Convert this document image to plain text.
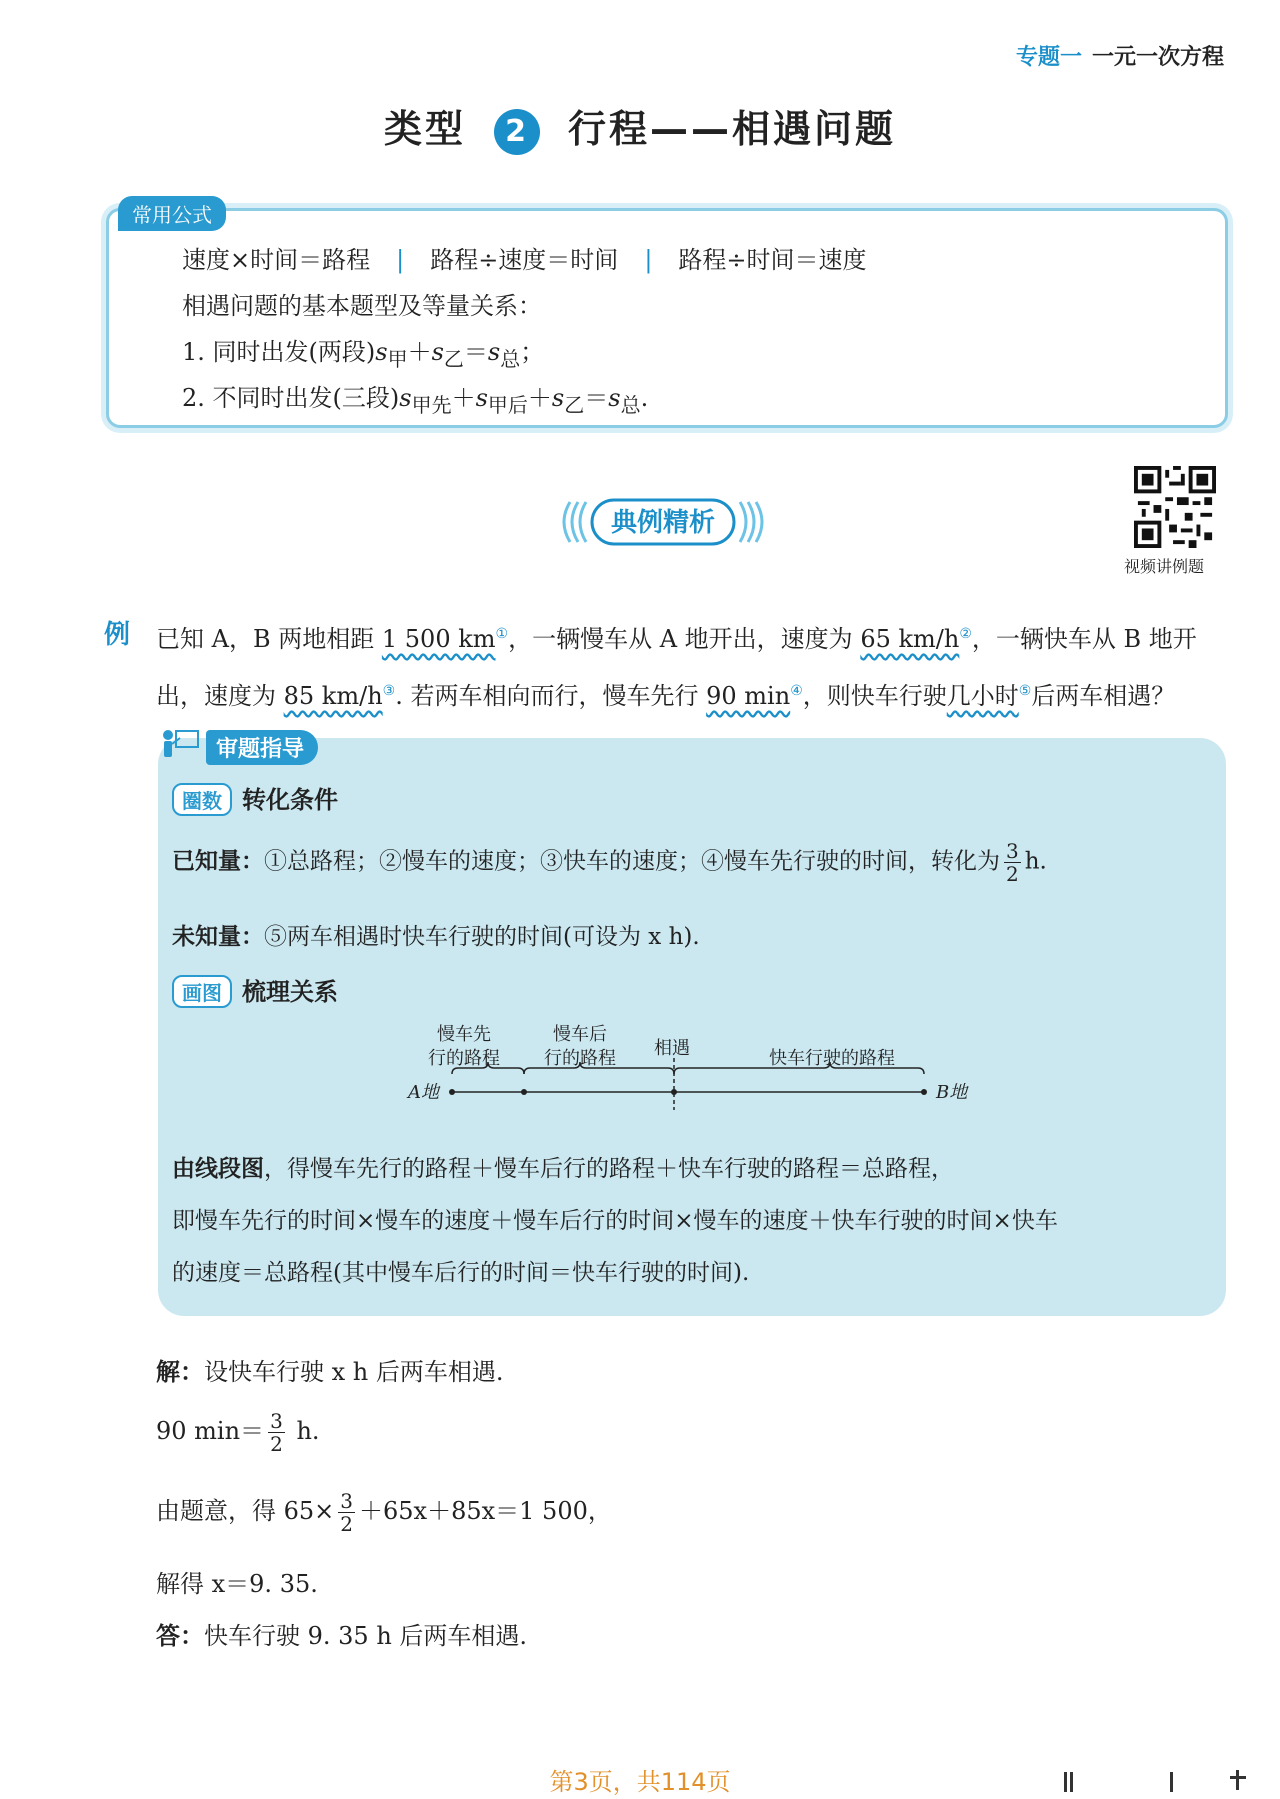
专题一 一元一次方程
类型 2 行程——相遇问题
常用公式
速度×时间＝路程 | 路程÷速度＝时间 | 路程÷时间＝速度
相遇问题的基本题型及等量关系：
1. 同时出发(两段)$s_甲+s_乙=s_总$；
2. 不同时出发(三段)$s_{甲先}+s_{甲后}+s_乙=s_总$.
典例精析
视频讲例题
例 已知 A，B 两地相距 1 500 km①，一辆慢车从 A 地开出，速度为 65 km/h②，一辆快车从 B 地开出，速度为 85 km/h③. 若两车相向而行，慢车先行 90 min④，则快车行驶几小时⑤后两车相遇？
审题指导
圈数 转化条件
已知量：①总路程；②慢车的速度；③快车的速度；④慢车先行驶的时间，转化为 $\frac{3}{2} h$.
未知量：⑤两车相遇时快车行驶的时间(可设为 x h).
画图 梳理关系
慢车先
行的路程
慢车后
行的路程 相遇	快车行驶的路程
A地	B地
由线段图，得慢车先行的路程＋慢车后行的路程＋快车行驶的路程＝总路程，
即慢车先行的时间×慢车的速度＋慢车后行的时间×慢车的速度＋快车行驶的时间×快车
的速度＝总路程(其中慢车后行的时间＝快车行驶的时间).
解：设快车行驶 x h 后两车相遇.
90 $\min= \frac{3}{2} h$.
由题意，得 $65\times \frac{3}{2} +65x+85x=1$ 500，
解得 x＝9. 35.
答：快车行驶 9. 35 h 后两车相遇.
第3页，共114页
